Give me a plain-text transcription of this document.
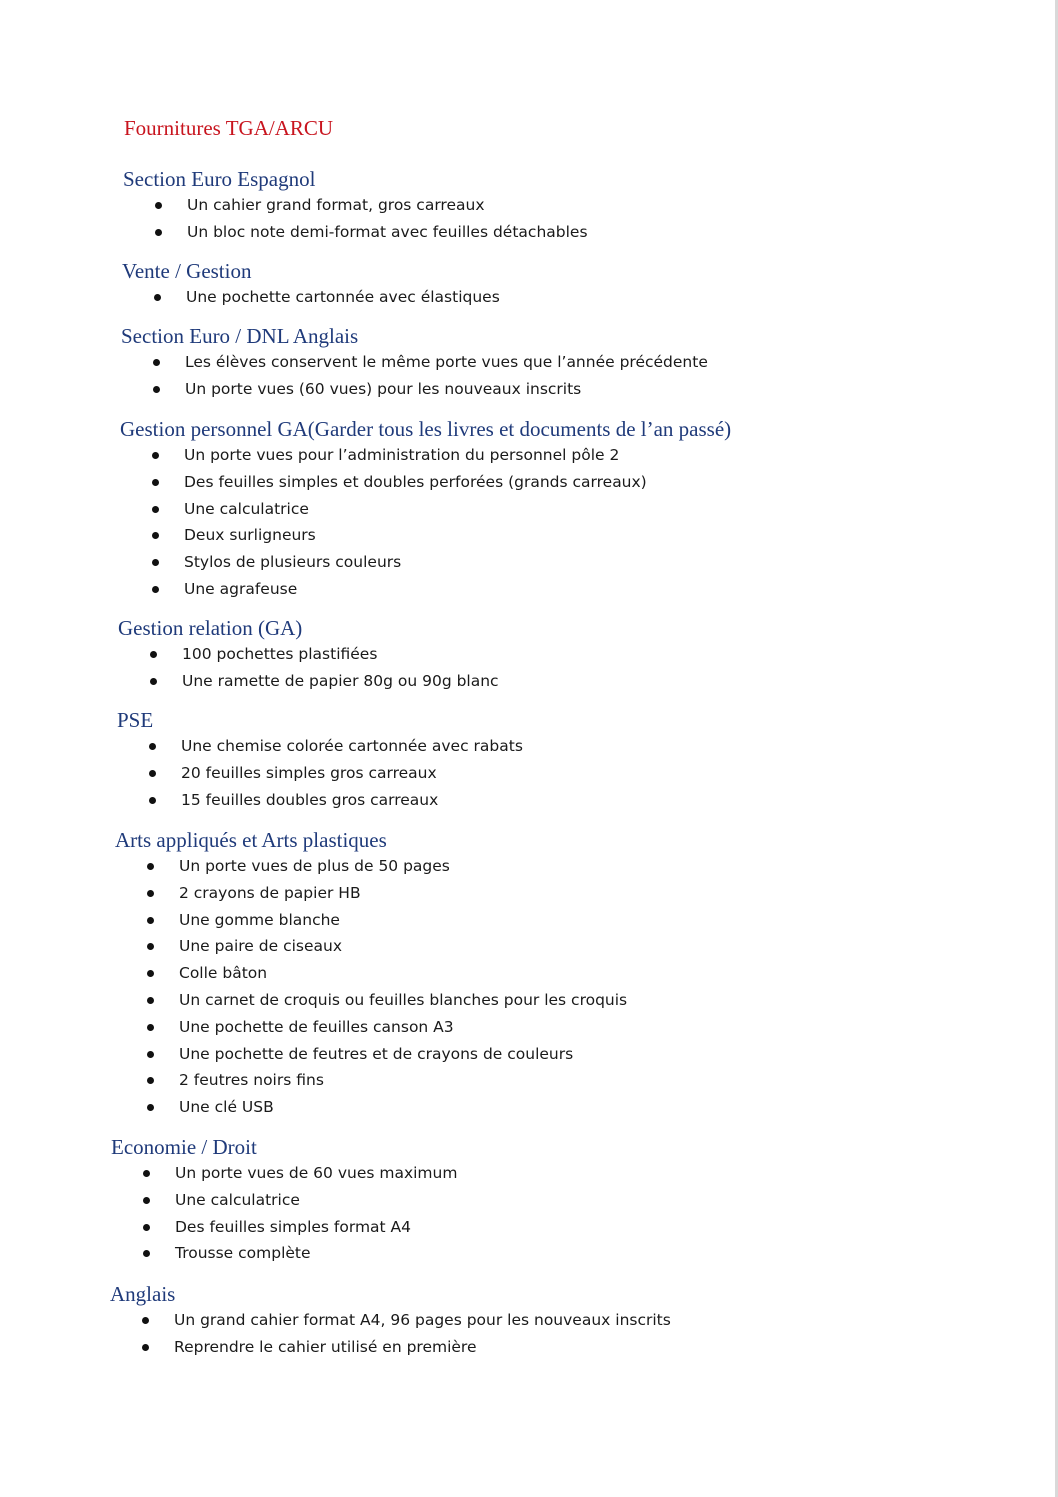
Fournitures TGA/ARCU
Section Euro Espagnol
Un cahier grand format, gros carreaux
Un bloc note demi-format avec feuilles détachables
Vente / Gestion
Une pochette cartonnée avec élastiques
Section Euro / DNL Anglais
Les élèves conservent le même porte vues que l’année précédente
Un porte vues (60 vues) pour les nouveaux inscrits
Gestion personnel GA(Garder tous les livres et documents de l’an passé)
Un porte vues pour l’administration du personnel pôle 2
Des feuilles simples et doubles perforées (grands carreaux)
Une calculatrice
Deux surligneurs
Stylos de plusieurs couleurs
Une agrafeuse
Gestion relation (GA)
100 pochettes plastifiées
Une ramette de papier 80g ou 90g blanc
PSE
Une chemise colorée cartonnée avec rabats
20 feuilles simples gros carreaux
15 feuilles doubles gros carreaux
Arts appliqués et Arts plastiques
Un porte vues de plus de 50 pages
2 crayons de papier HB
Une gomme blanche
Une paire de ciseaux
Colle bâton
Un carnet de croquis ou feuilles blanches pour les croquis
Une pochette de feuilles canson A3
Une pochette de feutres et de crayons de couleurs
2 feutres noirs fins
Une clé USB
Economie / Droit
Un porte vues de 60 vues maximum
Une calculatrice
Des feuilles simples format A4
Trousse complète
Anglais
Un grand cahier format A4, 96 pages pour les nouveaux inscrits
Reprendre le cahier utilisé en première
